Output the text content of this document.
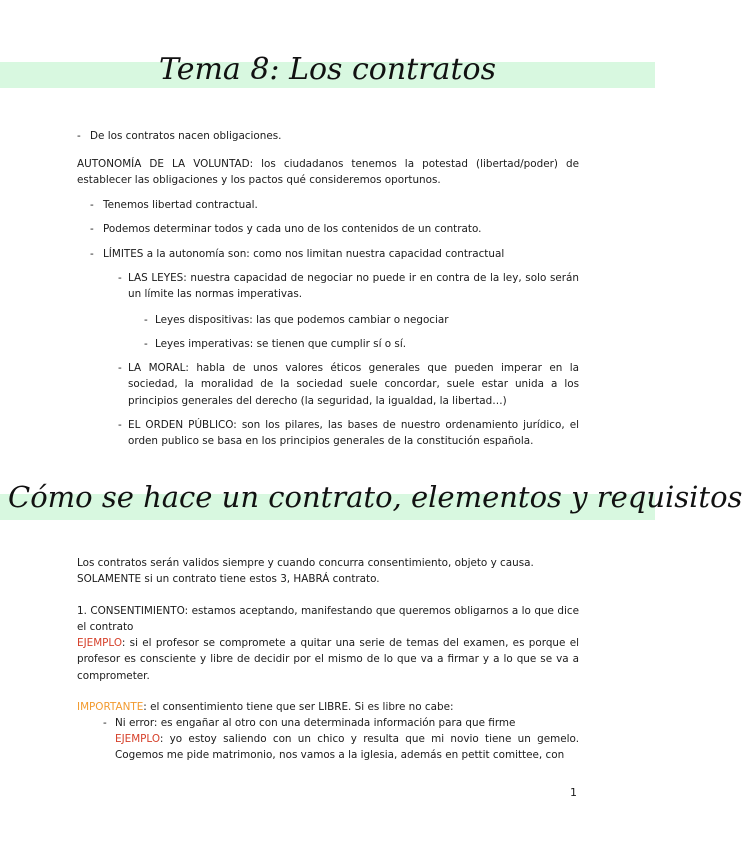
Tema 8: Los contratos
- De los contratos nacen obligaciones.
AUTONOMÍA DE LA VOLUNTAD: los ciudadanos tenemos la potestad (libertad/poder) de establecer las obligaciones y los pactos qué consideremos oportunos.
- Tenemos libertad contractual.
- Podemos determinar todos y cada uno de los contenidos de un contrato.
- LÍMITES a la autonomía son: como nos limitan nuestra capacidad contractual
- LAS LEYES: nuestra capacidad de negociar no puede ir en contra de la ley, solo serán un límite las normas imperativas.
- Leyes dispositivas: las que podemos cambiar o negociar
- Leyes imperativas: se tienen que cumplir sí o sí.
- LA MORAL: habla de unos valores éticos generales que pueden imperar en la sociedad, la moralidad de la sociedad suele concordar, suele estar unida a los principios generales del derecho (la seguridad, la igualdad, la libertad…)
- EL ORDEN PÚBLICO: son los pilares, las bases de nuestro ordenamiento jurídico, el orden publico se basa en los principios generales de la constitución española.
Cómo se hace un contrato, elementos y requisitos
Los contratos serán validos siempre y cuando concurra consentimiento, objeto y causa.
SOLAMENTE si un contrato tiene estos 3, HABRÁ contrato.
1. CONSENTIMIENTO: estamos aceptando, manifestando que queremos obligarnos a lo que dice el contrato
EJEMPLO: si el profesor se compromete a quitar una serie de temas del examen, es porque el profesor es consciente y libre de decidir por el mismo de lo que va a firmar y a lo que se va a comprometer.
IMPORTANTE: el consentimiento tiene que ser LIBRE. Si es libre no cabe:
- Ni error: es engañar al otro con una determinada información para que firme
EJEMPLO: yo estoy saliendo con un chico y resulta que mi novio tiene un gemelo. Cogemos me pide matrimonio, nos vamos a la iglesia, además en pettit comittee, con
1
